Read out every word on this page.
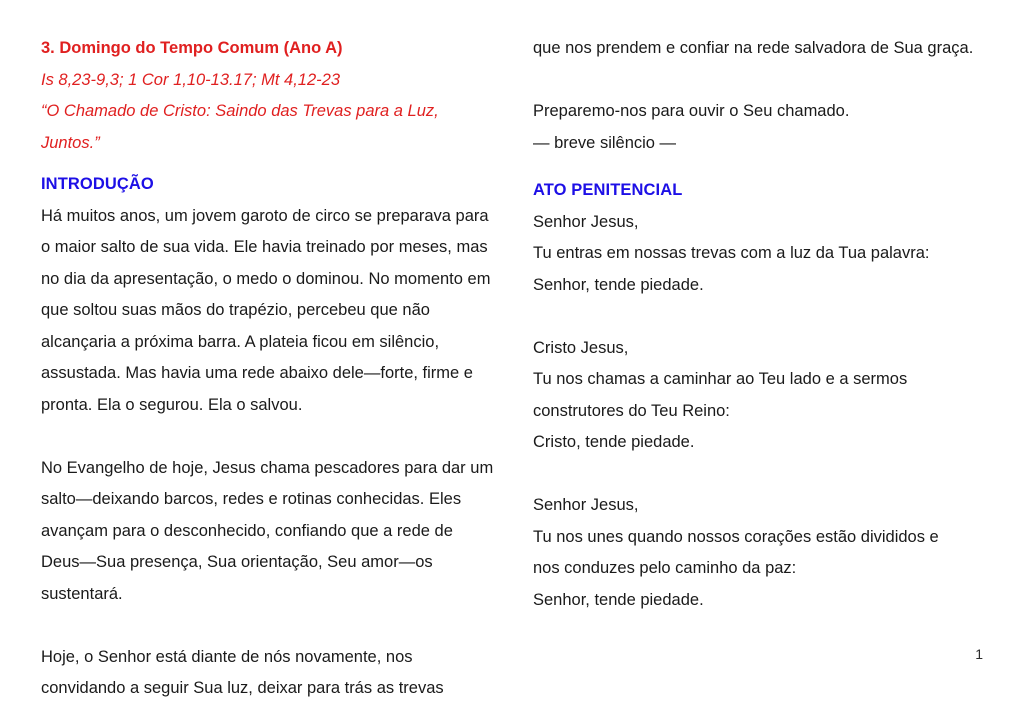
3. Domingo do Tempo Comum (Ano A)
Is 8,23-9,3; 1 Cor 1,10-13.17; Mt 4,12-23
“O Chamado de Cristo: Saindo das Trevas para a Luz, Juntos.”
INTRODUÇÃO
Há muitos anos, um jovem garoto de circo se preparava para o maior salto de sua vida. Ele havia treinado por meses, mas no dia da apresentação, o medo o dominou. No momento em que soltou suas mãos do trapézio, percebeu que não alcançaria a próxima barra. A plateia ficou em silêncio, assustada. Mas havia uma rede abaixo dele—forte, firme e pronta. Ela o segurou. Ela o salvou.
No Evangelho de hoje, Jesus chama pescadores para dar um salto—deixando barcos, redes e rotinas conhecidas. Eles avançam para o desconhecido, confiando que a rede de Deus—Sua presença, Sua orientação, Seu amor—os sustentará.
Hoje, o Senhor está diante de nós novamente, nos convidando a seguir Sua luz, deixar para trás as trevas
que nos prendem e confiar na rede salvadora de Sua graça.
Preparemo-nos para ouvir o Seu chamado.
— breve silêncio —
ATO PENITENCIAL
Senhor Jesus,
Tu entras em nossas trevas com a luz da Tua palavra:
Senhor, tende piedade.
Cristo Jesus,
Tu nos chamas a caminhar ao Teu lado e a sermos
construtores do Teu Reino:
Cristo, tende piedade.
Senhor Jesus,
Tu nos unes quando nossos corações estão divididos e
nos conduzes pelo caminho da paz:
Senhor, tende piedade.
1
